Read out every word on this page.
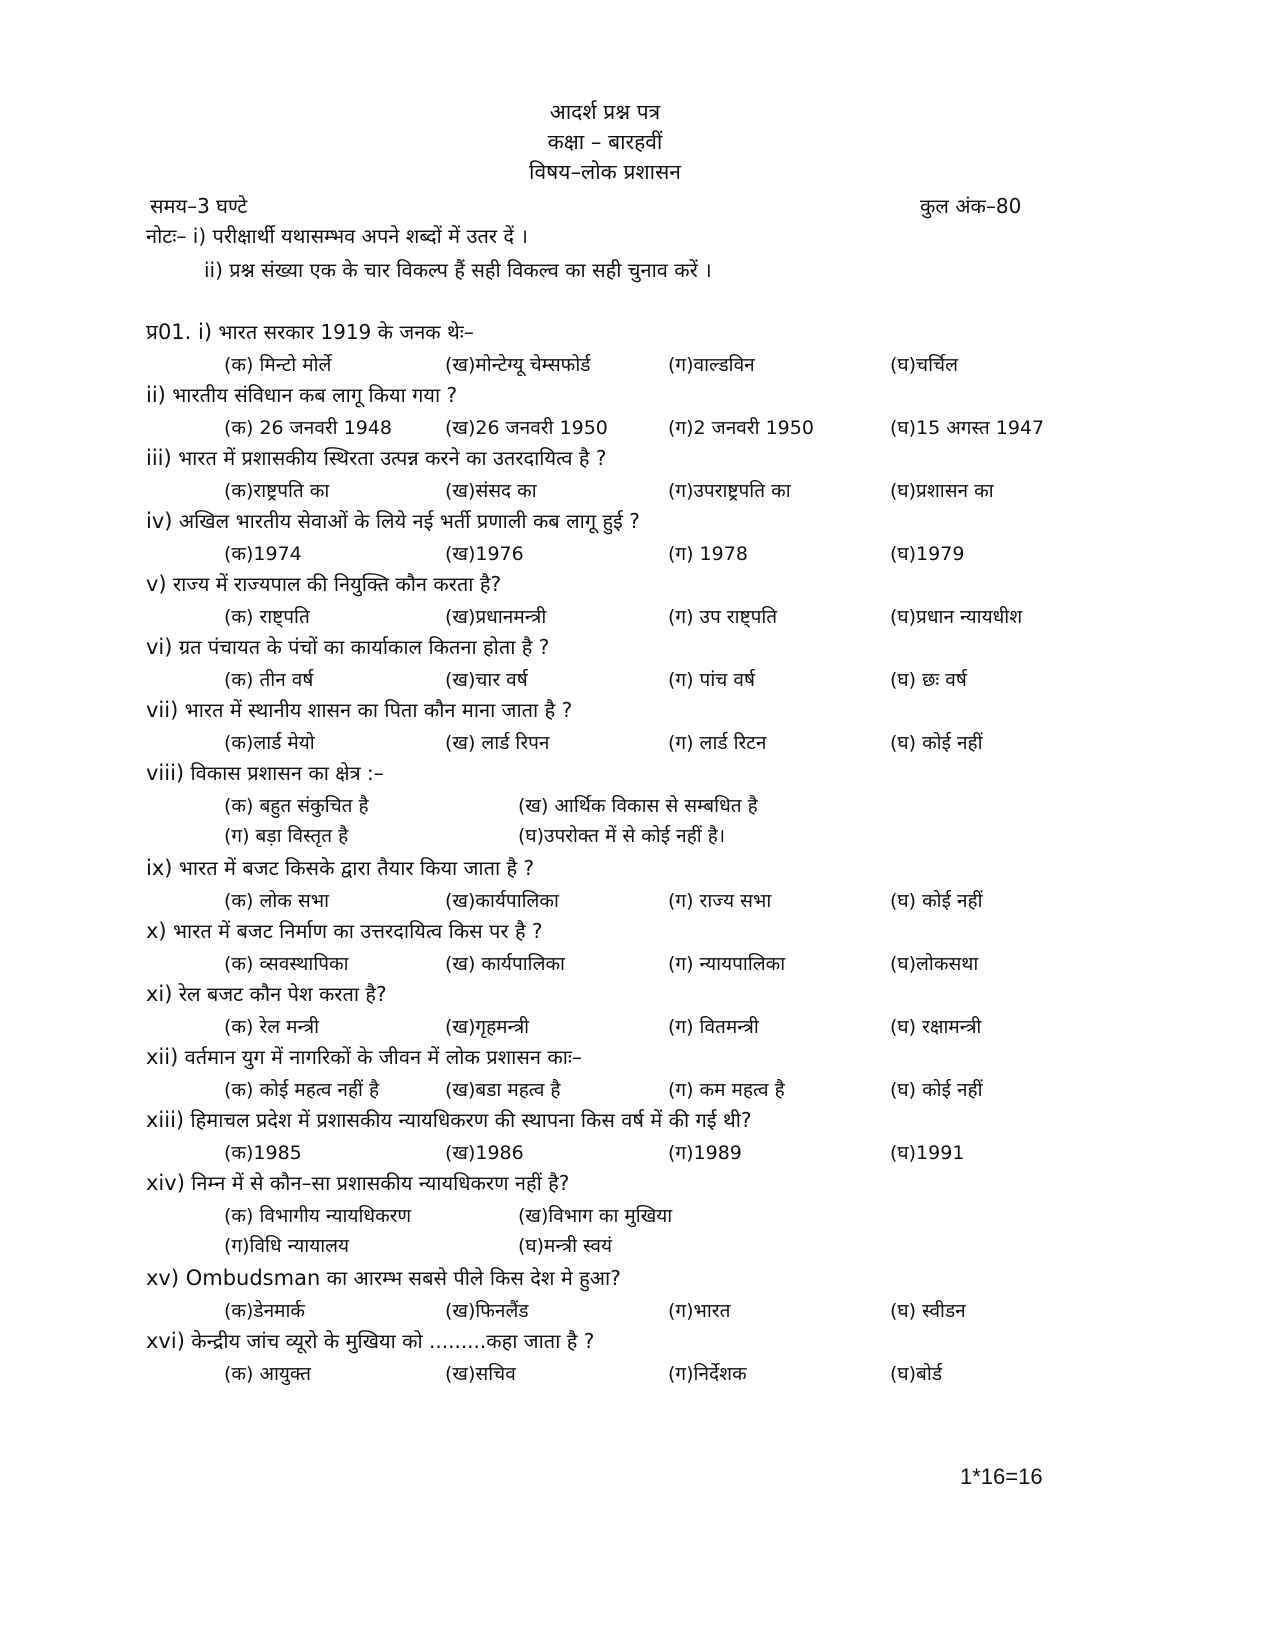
आदर्श प्रश्न पत्र
कक्षा – बारहवीं
विषय–लोक प्रशासन
समय–3 घण्टे	कुल अंक–80
नोटः– i) परीक्षार्थी यथासम्भव अपने शब्दों में उतर दें ।
ii) प्रश्न संख्या एक के चार विकल्प हैं सही विकल्व का सही चुनाव करें ।
प्र01. i) भारत सरकार 1919 के जनक थेः–
(क) मिन्टो मोर्ले	(ख)मोन्टेग्यू चेम्सफोर्ड	(ग)वाल्डविन	(घ)चर्चिल
ii) भारतीय संविधान कब लागू किया गया ?
(क) 26 जनवरी 1948	(ख)26 जनवरी 1950	(ग)2 जनवरी 1950	(घ)15 अगस्त 1947
iii) भारत में प्रशासकीय स्थिरता उत्पन्न करने का उतरदायित्व है ?
(क)राष्ट्रपति का	(ख)संसद का	(ग)उपराष्ट्रपति का	(घ)प्रशासन का
iv) अखिल भारतीय सेवाओं के लिये नई भर्ती प्रणाली कब लागू हुई ?
(क)1974	(ख)1976	(ग) 1978	(घ)1979
v) राज्य में राज्यपाल की नियुक्ति कौन करता है?
(क) राष्ट्पति	(ख)प्रधानमन्त्री	(ग) उप राष्ट्पति	(घ)प्रधान न्यायधीश
vi) ग्रत पंचायत के पंचों का कार्याकाल कितना होता है ?
(क) तीन वर्ष	(ख)चार वर्ष	(ग) पांच वर्ष	(घ) छः वर्ष
vii) भारत में स्थानीय शासन का पिता कौन माना जाता है ?
(क)लार्ड मेयो	(ख) लार्ड रिपन	(ग) लार्ड रिटन	(घ) कोई नहीं
viii) विकास प्रशासन का क्षेत्र :–
(क) बहुत संकुचित है	(ख) आर्थिक विकास से सम्बधित है
(ग) बड़ा विस्तृत है	(घ)उपरोक्त में से कोई नहीं है।
ix) भारत में बजट किसके द्वारा तैयार किया जाता है ?
(क) लोक सभा	(ख)कार्यपालिका	(ग) राज्य सभा	(घ) कोई नहीं
x) भारत में बजट निर्माण का उत्तरदायित्व किस पर है ?
(क) व्सवस्थापिका	(ख) कार्यपालिका	(ग) न्यायपालिका	(घ)लोकसथा
xi) रेल बजट कौन पेश करता है?
(क) रेल मन्त्री	(ख)गृहमन्त्री	(ग) वितमन्त्री	(घ) रक्षामन्त्री
xii) वर्तमान युग में नागरिकों के जीवन में लोक प्रशासन काः–
(क) कोई महत्व नहीं है	(ख)बडा महत्व है	(ग) कम महत्व है	(घ) कोई नहीं
xiii) हिमाचल प्रदेश में प्रशासकीय न्यायधिकरण की स्थापना किस वर्ष में की गई थी?
(क)1985	(ख)1986	(ग)1989	(घ)1991
xiv) निम्न में से कौन–सा प्रशासकीय न्यायधिकरण नहीं है?
(क) विभागीय न्यायधिकरण	(ख)विभाग का मुखिया
(ग)विधि न्यायालय	(घ)मन्त्री स्वयं
xv) Ombudsman का आरम्भ सबसे पीले किस देश मे हुआ?
(क)डेनमार्क	(ख)फिनलैंड	(ग)भारत	(घ) स्वीडन
xvi) केन्द्रीय जांच व्यूरो के मुखिया को .........कहा जाता है ?
(क) आयुक्त	(ख)सचिव	(ग)निर्देशक	(घ)बोर्ड
1*16=16
